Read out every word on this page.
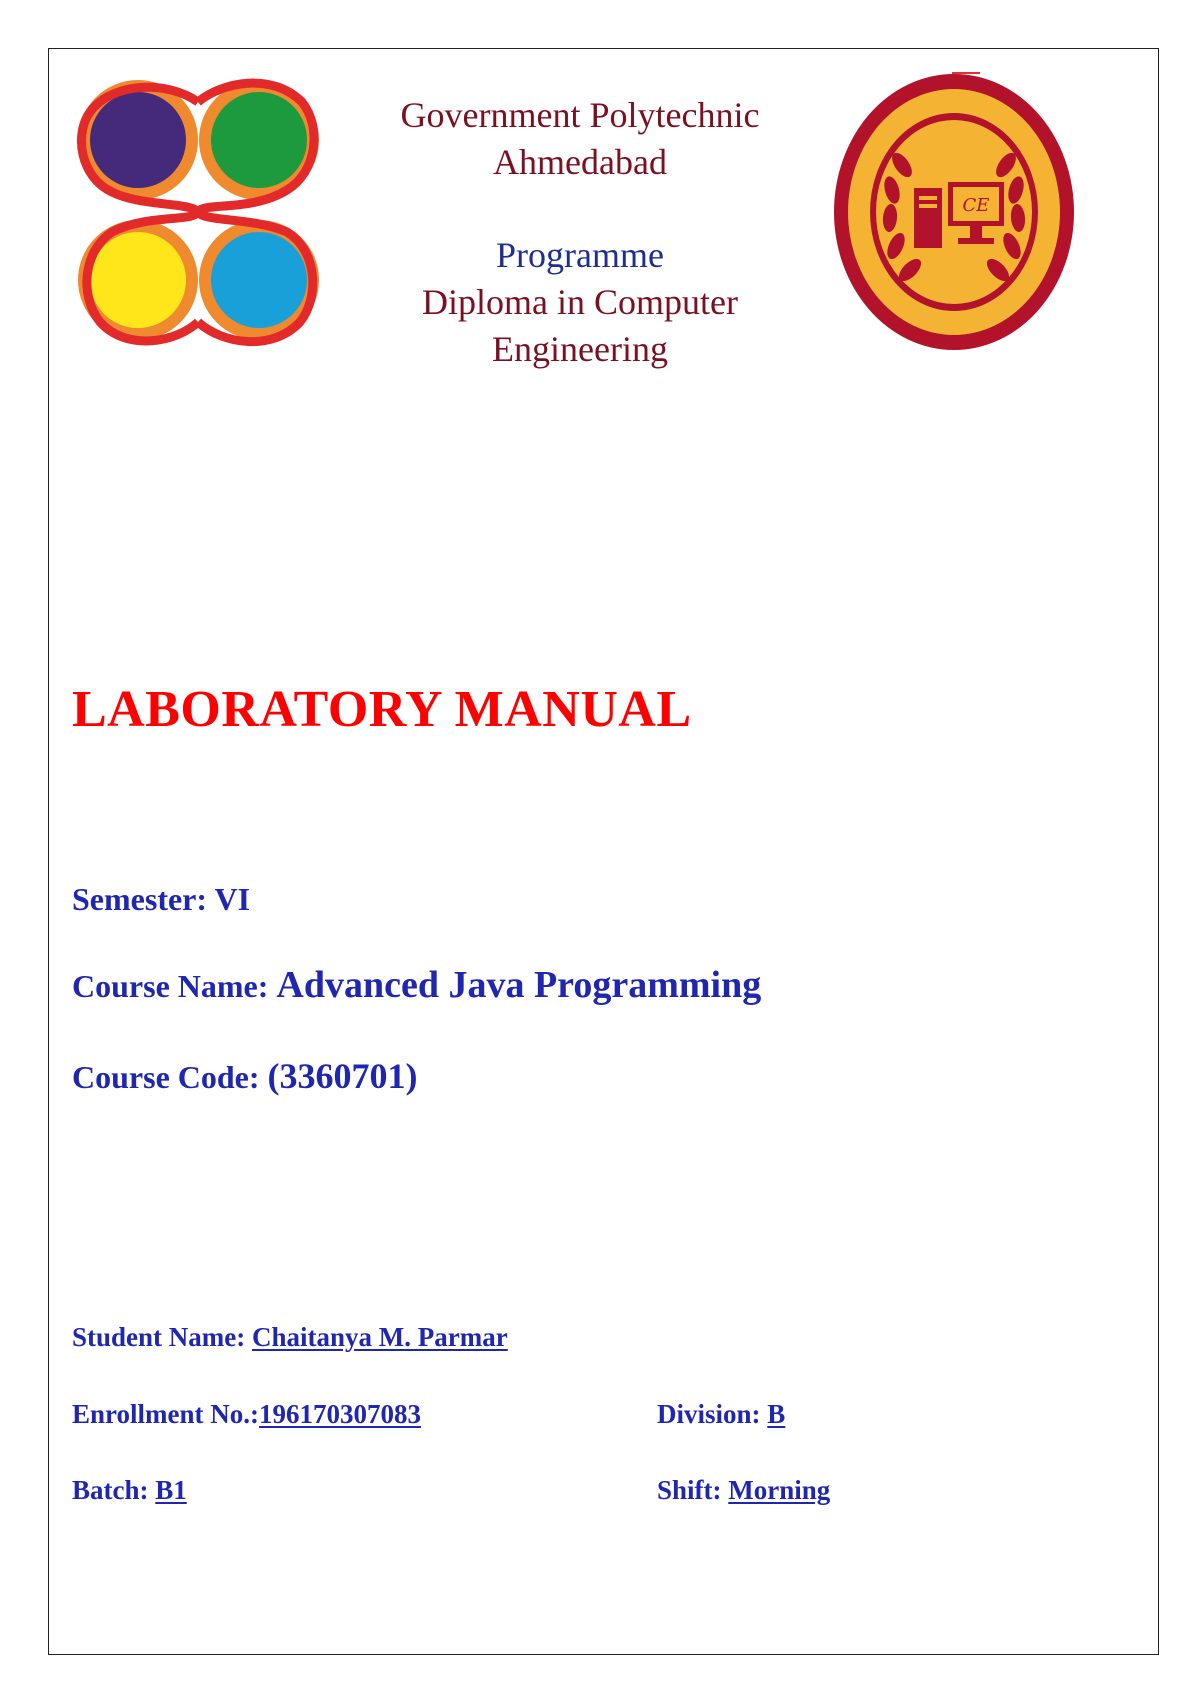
Government Polytechnic
Ahmedabad
Programme
Diploma in Computer Engineering
CE
LABORATORY MANUAL
Semester: VI
Course Name: Advanced Java Programming
Course Code: (3360701)
Student Name: Chaitanya M. Parmar
Enrollment No.:196170307083	Division: B
Batch: B1	Shift: Morning
